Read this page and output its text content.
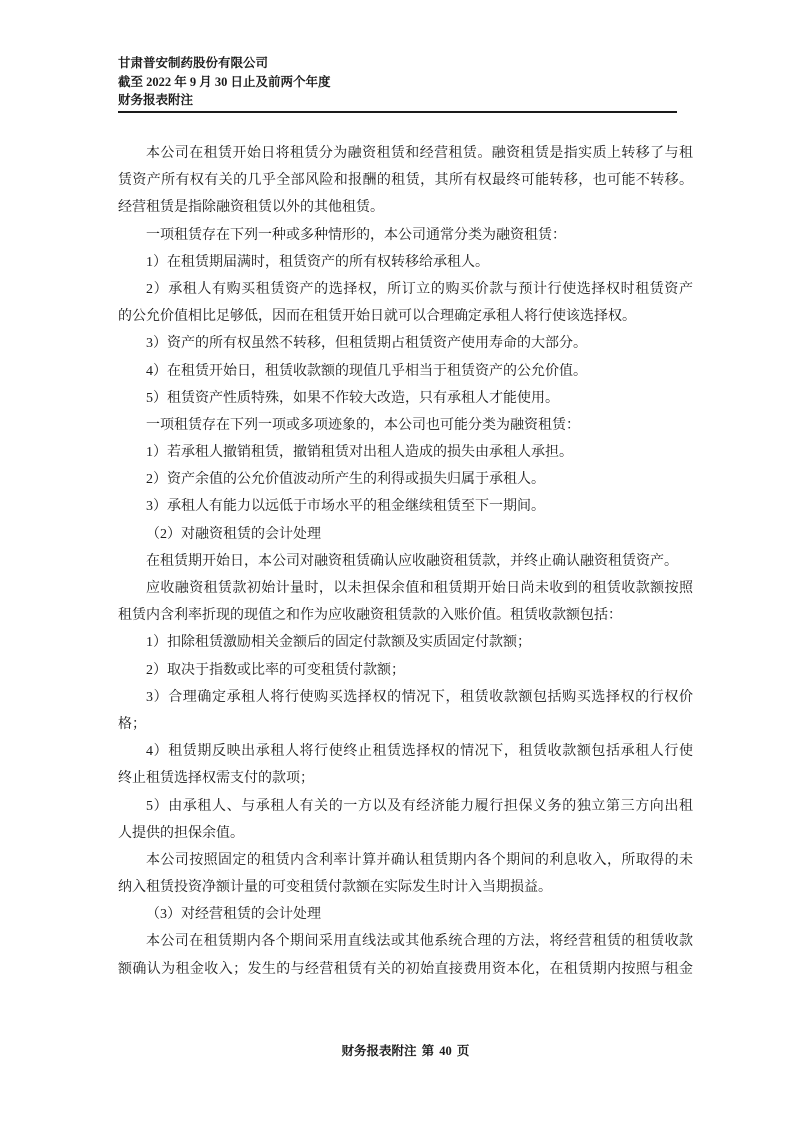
甘肃普安制药股份有限公司
截至 2022 年 9 月 30 日止及前两个年度
财务报表附注
本公司在租赁开始日将租赁分为融资租赁和经营租赁。融资租赁是指实质上转移了与租
赁资产所有权有关的几乎全部风险和报酬的租赁，其所有权最终可能转移，也可能不转移。
经营租赁是指除融资租赁以外的其他租赁。
一项租赁存在下列一种或多种情形的，本公司通常分类为融资租赁：
1）在租赁期届满时，租赁资产的所有权转移给承租人。
2）承租人有购买租赁资产的选择权，所订立的购买价款与预计行使选择权时租赁资产
的公允价值相比足够低，因而在租赁开始日就可以合理确定承租人将行使该选择权。
3）资产的所有权虽然不转移，但租赁期占租赁资产使用寿命的大部分。
4）在租赁开始日，租赁收款额的现值几乎相当于租赁资产的公允价值。
5）租赁资产性质特殊，如果不作较大改造，只有承租人才能使用。
一项租赁存在下列一项或多项迹象的，本公司也可能分类为融资租赁：
1）若承租人撤销租赁，撤销租赁对出租人造成的损失由承租人承担。
2）资产余值的公允价值波动所产生的利得或损失归属于承租人。
3）承租人有能力以远低于市场水平的租金继续租赁至下一期间。
（2）对融资租赁的会计处理
在租赁期开始日，本公司对融资租赁确认应收融资租赁款，并终止确认融资租赁资产。
应收融资租赁款初始计量时，以未担保余值和租赁期开始日尚未收到的租赁收款额按照
租赁内含利率折现的现值之和作为应收融资租赁款的入账价值。租赁收款额包括：
1）扣除租赁激励相关金额后的固定付款额及实质固定付款额；
2）取决于指数或比率的可变租赁付款额；
3）合理确定承租人将行使购买选择权的情况下，租赁收款额包括购买选择权的行权价
格；
4）租赁期反映出承租人将行使终止租赁选择权的情况下，租赁收款额包括承租人行使
终止租赁选择权需支付的款项；
5）由承租人、与承租人有关的一方以及有经济能力履行担保义务的独立第三方向出租
人提供的担保余值。
本公司按照固定的租赁内含利率计算并确认租赁期内各个期间的利息收入，所取得的未
纳入租赁投资净额计量的可变租赁付款额在实际发生时计入当期损益。
（3）对经营租赁的会计处理
本公司在租赁期内各个期间采用直线法或其他系统合理的方法，将经营租赁的租赁收款
额确认为租金收入；发生的与经营租赁有关的初始直接费用资本化，在租赁期内按照与租金
财务报表附注 第 40 页
